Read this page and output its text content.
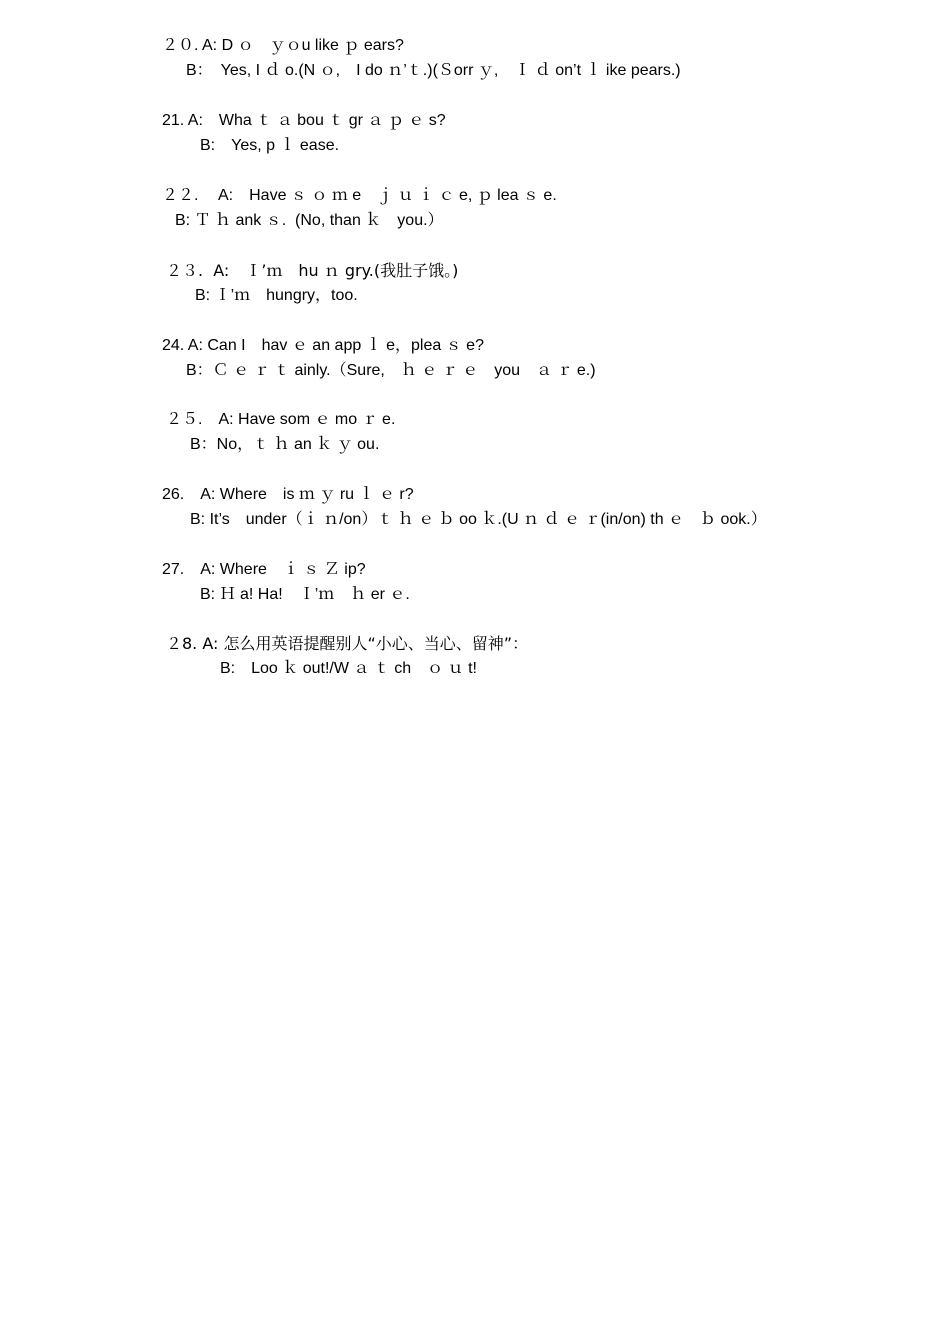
２０. A: D ｏ　ｙｏu like ｐ ears?
B：　Yes, I ｄ o.(N ｏ,　I do ｎ’ｔ.)(Ｓorr ｙ,　Ｉ ｄ on’t ｌ ike pears.)
21. A:　Wha ｔ ａ bou ｔ gr ａ ｐ ｅ s?
B:　Yes, p ｌ ease.
２２.　 A:　Have ｓ ｏ ｍ e　ｊ ｕ ｉ ｃ e, ｐ lea ｓ e.
B: Ｔ ｈ ank ｓ.  (No, than ｋ　you.）
２３.  A:　Ｉ’ｍ　hu ｎ gry.(我肚子饿。)
B: Ｉ’ｍ　hungry，too.
24. A: Can I　hav ｅ an app ｌ e，plea ｓ e?
B：Ｃ ｅ ｒ ｔ ainly.（Sure,　ｈ ｅ ｒ ｅ　you　ａ ｒ e.)
２５.　A: Have som ｅ mo ｒ e.
B：No，ｔ ｈ an ｋ ｙ ou.
26.　A: Where　is ｍ ｙ ru ｌ ｅ r?
B: It’s　under（ｉ ｎ/on）ｔ ｈ ｅ ｂ oo ｋ.(U ｎ ｄ ｅ ｒ(in/on) th ｅ　ｂ ook.）
27.　A: Where　ｉ ｓ Ｚ ip?
B: Ｈ a! Ha!　Ｉ’ｍ　ｈ er ｅ.
２8. A: 怎么用英语提醒别人“小心、当心、留神”：
B:　Loo ｋ out!/W ａ ｔ ch　ｏ ｕ t!
